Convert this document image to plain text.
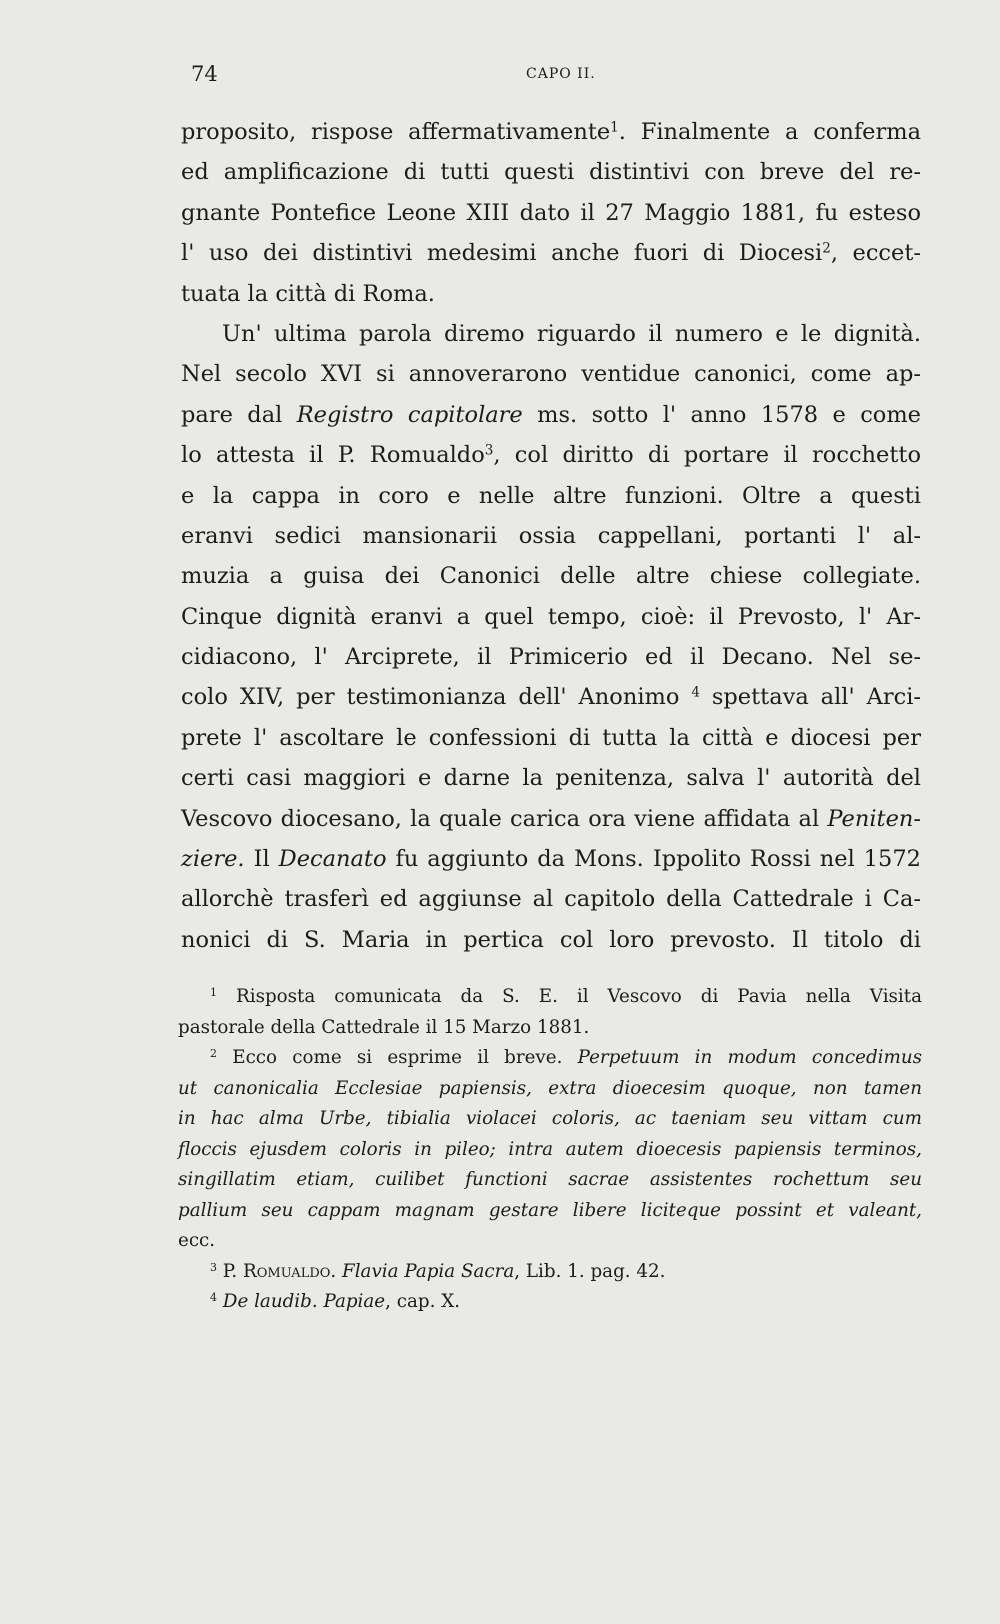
74	CAPO II.
proposito, rispose affermativamente$^1$. Finalmente a conferma
ed amplificazione di tutti questi distintivi con breve del re-
gnante Pontefice Leone XIII dato il 27 Maggio 1881, fu esteso
l' uso dei distintivi medesimi anche fuori di Diocesi$^2$, eccet-
tuata la città di Roma.
Un' ultima parola diremo riguardo il numero e le dignità.
Nel secolo XVI si annoverarono ventidue canonici, come ap-
pare dal Registro capitolare ms. sotto l' anno 1578 e come
lo attesta il P. Romualdo$^3$, col diritto di portare il rocchetto
e la cappa in coro e nelle altre funzioni. Oltre a questi
eranvi sedici mansionarii ossia cappellani, portanti l' al-
muzia a guisa dei Canonici delle altre chiese collegiate.
Cinque dignità eranvi a quel tempo, cioè: il Prevosto, l' Ar-
cidiacono, l' Arciprete, il Primicerio ed il Decano. Nel se-
colo XIV, per testimonianza dell' Anonimo $^4$ spettava all' Arci-
prete l' ascoltare le confessioni di tutta la città e diocesi per
certi casi maggiori e darne la penitenza, salva l' autorità del
Vescovo diocesano, la quale carica ora viene affidata al Peniten-
ziere. Il Decanato fu aggiunto da Mons. Ippolito Rossi nel 1572
allorchè trasferì ed aggiunse al capitolo della Cattedrale i Ca-
nonici di S. Maria in pertica col loro prevosto. Il titolo di
$^1$ Risposta comunicata da S. E. il Vescovo di Pavia nella Visita
pastorale della Cattedrale il 15 Marzo 1881.
$^2$ Ecco come si esprime il breve. Perpetuum in modum concedimus
ut canonicalia Ecclesiae papiensis, extra dioecesim quoque, non tamen
in hac alma Urbe, tibialia violacei coloris, ac taeniam seu vittam cum
floccis ejusdem coloris in pileo; intra autem dioecesis papiensis terminos,
singillatim etiam, cuilibet functioni sacrae assistentes rochettum seu
pallium seu cappam magnam gestare libere liciteque possint et valeant,
ecc.
$^3$ P. Romualdo. Flavia Papia Sacra, Lib. 1. pag. 42.
$^4$ De laudib. Papiae, cap. X.
